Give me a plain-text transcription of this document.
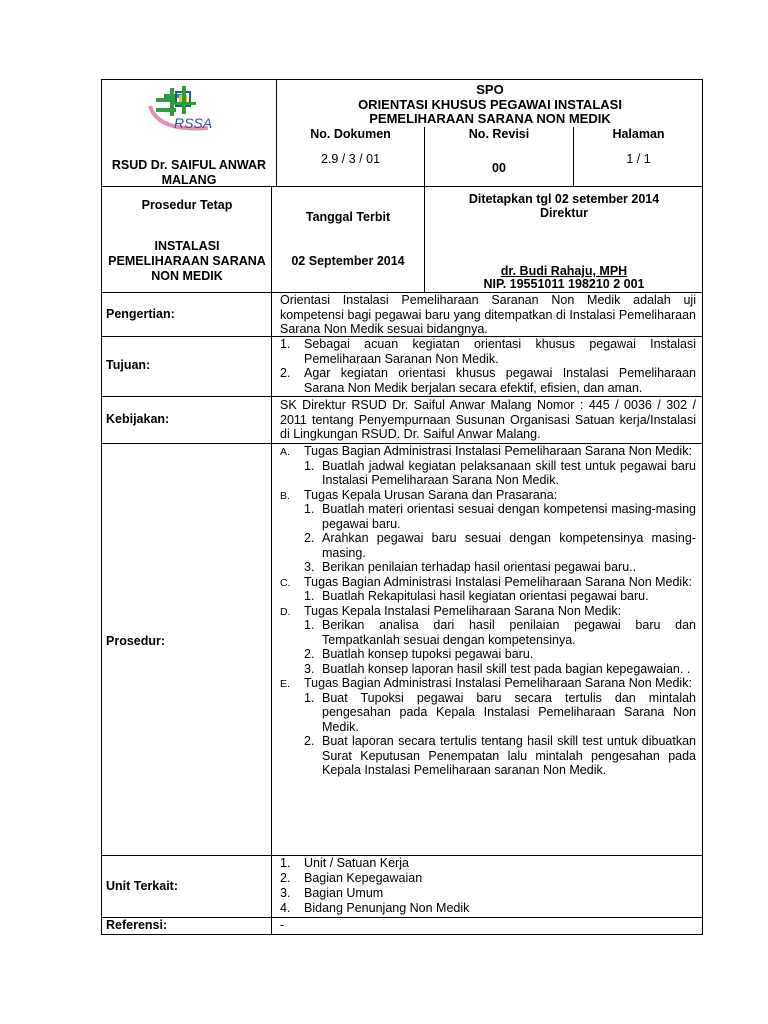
RSSA
RSUD Dr. SAIFUL ANWAR MALANG
SPO
ORIENTASI KHUSUS PEGAWAI INSTALASI
PEMELIHARAAN SARANA NON MEDIK
No. Dokumen
2.9 / 3 / 01
No. Revisi
00
Halaman
1 / 1
Prosedur Tetap
INSTALASI PEMELIHARAAN SARANA NON MEDIK
Tanggal Terbit
02 September 2014
Ditetapkan tgl 02 setember 2014
Direktur
dr. Budi Rahaju, MPH
NIP. 19551011 198210 2 001
Pengertian:
Orientasi Instalasi Pemeliharaan Saranan Non Medik adalah uji kompetensi bagi pegawai baru yang ditempatkan di Instalasi Pemeliharaan Sarana Non Medik sesuai bidangnya.
Tujuan:
1. Sebagai acuan kegiatan orientasi khusus pegawai Instalasi Pemeliharaan Saranan Non Medik.
2. Agar kegiatan orientasi khusus pegawai Instalasi Pemeliharaan Sarana Non Medik berjalan secara efektif, efisien, dan aman.
Kebijakan:
SK Direktur RSUD Dr. Saiful Anwar Malang Nomor : 445 / 0036 / 302 / 2011 tentang Penyempurnaan Susunan Organisasi Satuan kerja/Instalasi di Lingkungan RSUD. Dr. Saiful Anwar Malang.
Prosedur:
A. Tugas Bagian Administrasi Instalasi Pemeliharaan Sarana Non Medik:
1. Buatlah jadwal kegiatan pelaksanaan skill test untuk pegawai baru Instalasi Pemeliharaan Sarana Non Medik.
B. Tugas Kepala Urusan Sarana dan Prasarana:
1. Buatlah materi orientasi sesuai dengan kompetensi masing-masing pegawai baru.
2. Arahkan pegawai baru sesuai dengan kompetensinya masing-masing.
3. Berikan penilaian terhadap hasil orientasi pegawai baru..
C. Tugas Bagian Administrasi Instalasi Pemeliharaan Sarana Non Medik:
1. Buatlah Rekapitulasi hasil kegiatan orientasi pegawai baru.
D. Tugas Kepala Instalasi Pemeliharaan Sarana Non Medik:
1. Berikan analisa dari hasil penilaian pegawai baru dan Tempatkanlah sesuai dengan kompetensinya.
2. Buatlah konsep tupoksi pegawai baru.
3. Buatlah konsep laporan hasil skill test pada bagian kepegawaian. .
E. Tugas Bagian Administrasi Instalasi Pemeliharaan Sarana Non Medik:
1. Buat Tupoksi pegawai baru secara tertulis dan mintalah pengesahan pada Kepala Instalasi Pemeliharaan Sarana Non Medik.
2. Buat laporan secara tertulis tentang hasil skill test untuk dibuatkan Surat Keputusan Penempatan lalu mintalah pengesahan pada Kepala Instalasi Pemeliharaan saranan Non Medik.
Unit Terkait:
1. Unit / Satuan Kerja
2. Bagian Kepegawaian
3. Bagian Umum
4. Bidang Penunjang Non Medik
Referensi:	-
